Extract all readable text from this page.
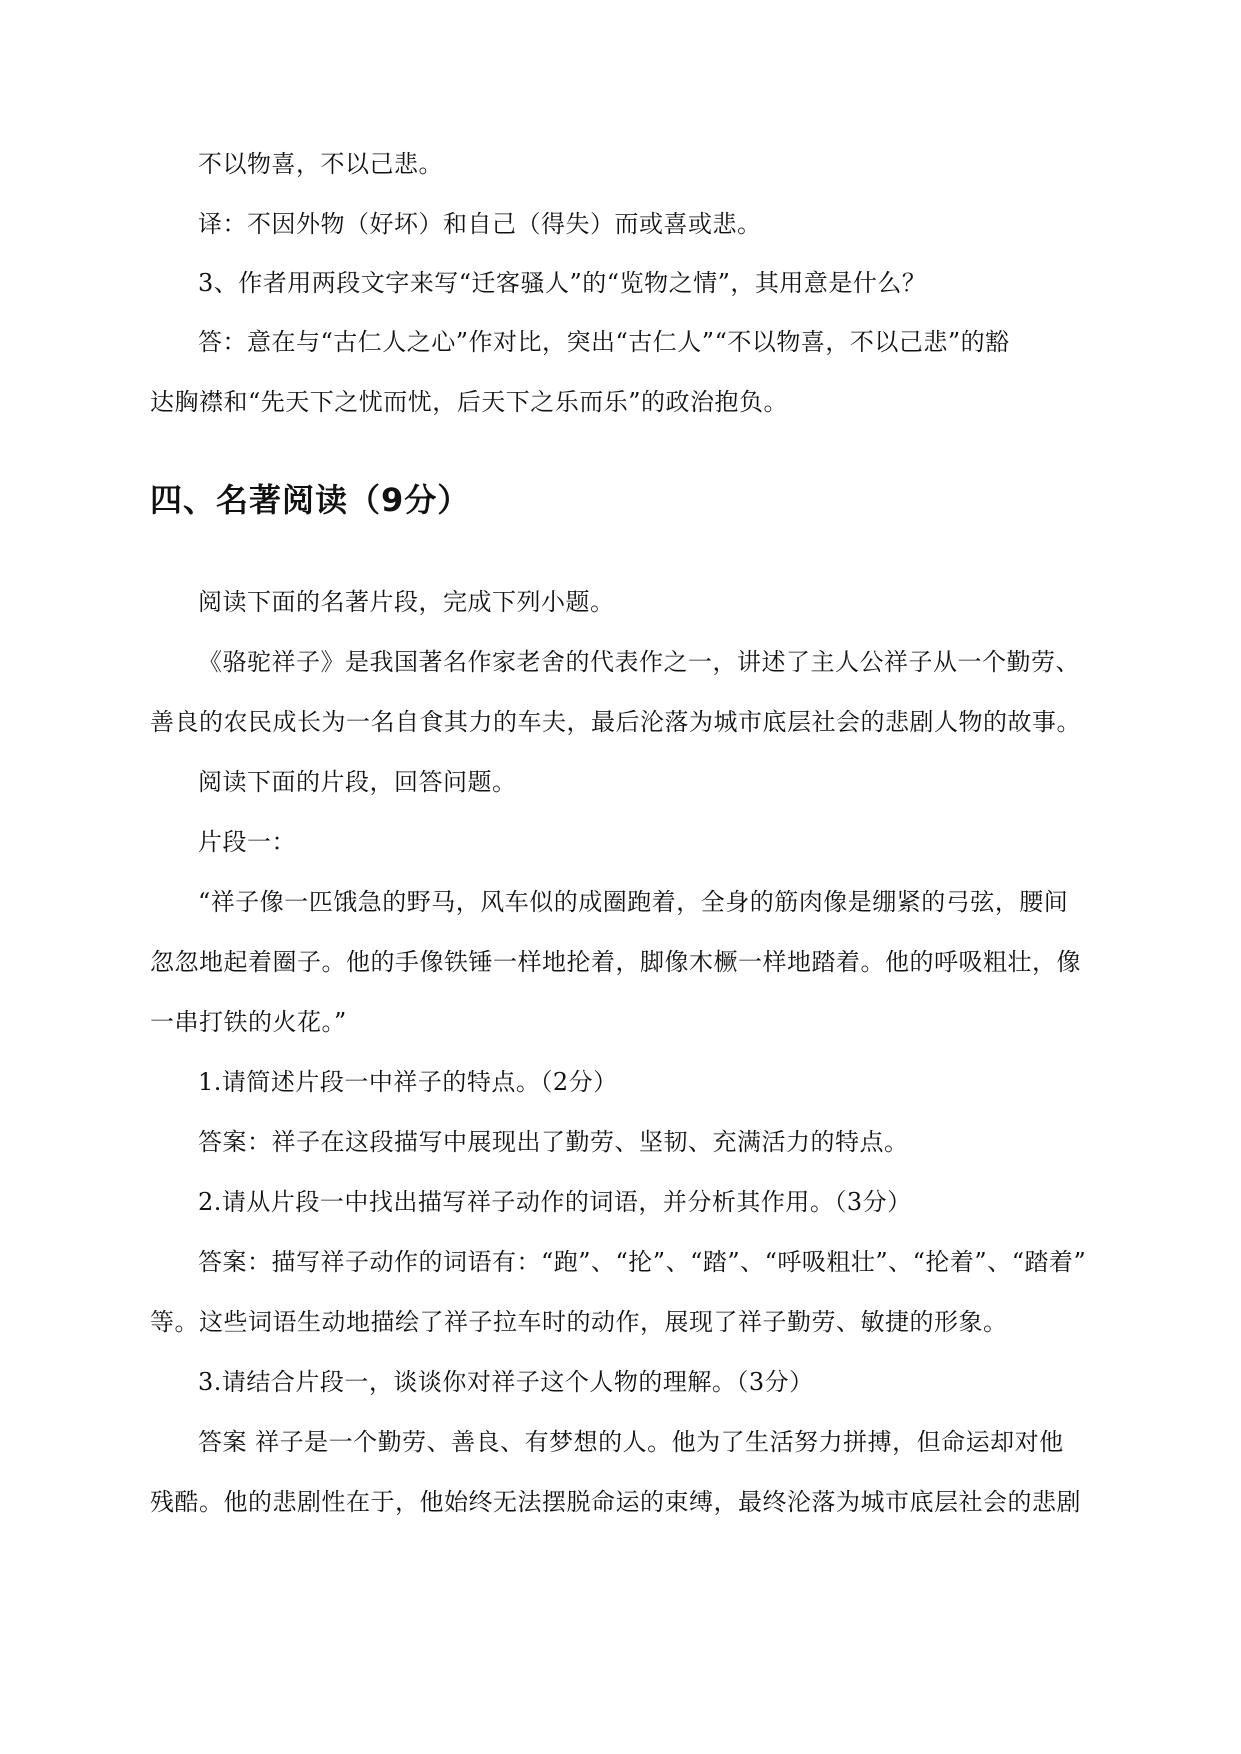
不以物喜，不以己悲。
译：不因外物（好坏）和自己（得失）而或喜或悲。
3、作者用两段文字来写“迁客骚人”的“览物之情”，其用意是什么？
答：意在与“古仁人之心”作对比，突出“古仁人”“不以物喜，不以己悲”的豁
达胸襟和“先天下之忧而忧，后天下之乐而乐”的政治抱负。
四、名著阅读（9分）
阅读下面的名著片段，完成下列小题。
《骆驼祥子》是我国著名作家老舍的代表作之一，讲述了主人公祥子从一个勤劳、
善良的农民成长为一名自食其力的车夫，最后沦落为城市底层社会的悲剧人物的故事。
阅读下面的片段，回答问题。
片段一：
“祥子像一匹饿急的野马，风车似的成圈跑着，全身的筋肉像是绷紧的弓弦，腰间
忽忽地起着圈子。他的手像铁锤一样地抡着，脚像木橛一样地踏着。他的呼吸粗壮，像
一串打铁的火花。”
1.请简述片段一中祥子的特点。（2分）
答案：祥子在这段描写中展现出了勤劳、坚韧、充满活力的特点。
2.请从片段一中找出描写祥子动作的词语，并分析其作用。（3分）
答案：描写祥子动作的词语有：“跑”、“抡”、“踏”、“呼吸粗壮”、“抡着”、“踏着”
等。这些词语生动地描绘了祥子拉车时的动作，展现了祥子勤劳、敏捷的形象。
3.请结合片段一，谈谈你对祥子这个人物的理解。（3分）
答案 祥子是一个勤劳、善良、有梦想的人。他为了生活努力拼搏，但命运却对他
残酷。他的悲剧性在于，他始终无法摆脱命运的束缚，最终沦落为城市底层社会的悲剧
